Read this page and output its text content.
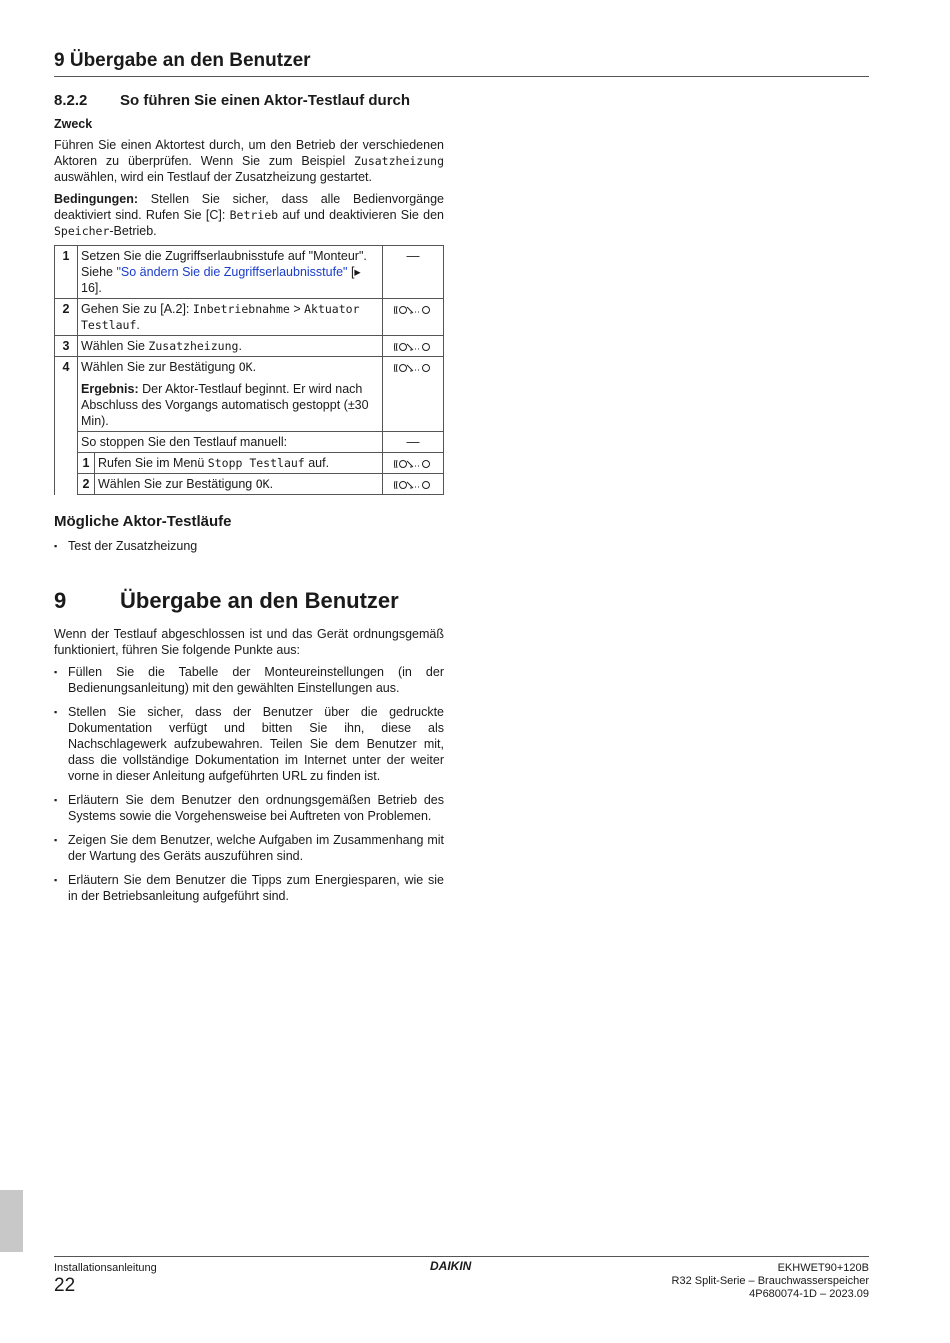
9 Übergabe an den Benutzer
8.2.2	So führen Sie einen Aktor-Testlauf durch
Zweck

Führen Sie einen Aktortest durch, um den Betrieb der verschiedenen Aktoren zu überprüfen. Wenn Sie zum Beispiel Zusatzheizung auswählen, wird ein Testlauf der Zusatzheizung gestartet.

Bedingungen: Stellen Sie sicher, dass alle Bedienvorgänge deaktiviert sind. Rufen Sie [C]: Betrieb auf und deaktivieren Sie den Speicher-Betrieb.

1	Setzen Sie die Zugriffserlaubnisstufe auf "Monteur". Siehe "So ändern Sie die Zugriffserlaubnisstufe" [▸ 16].		—
2	Gehen Sie zu [A.2]: Inbetriebnahme > Aktuator Testlauf.	
3	Wählen Sie Zusatzheizung.	
4	Wählen Sie zur Bestätigung OK.
Ergebnis: Der Aktor-Testlauf beginnt. Er wird nach Abschluss des Vorgangs automatisch gestoppt (±30 Min).

	So stoppen Sie den Testlauf manuell:		—
	1	Rufen Sie im Menü Stopp Testlauf auf.	
	2	Wählen Sie zur Bestätigung OK.	
Mögliche Aktor-Testläufe
▪ Test der Zusatzheizung
9	Übergabe an den Benutzer

Wenn der Testlauf abgeschlossen ist und das Gerät ordnungsgemäß funktioniert, führen Sie folgende Punkte aus:

▪ Füllen Sie die Tabelle der Monteureinstellungen (in der Bedienungsanleitung) mit den gewählten Einstellungen aus.
▪ Stellen Sie sicher, dass der Benutzer über die gedruckte Dokumentation verfügt und bitten Sie ihn, diese als Nachschlagewerk aufzubewahren. Teilen Sie dem Benutzer mit, dass die vollständige Dokumentation im Internet unter der weiter vorne in dieser Anleitung aufgeführten URL zu finden ist.
▪ Erläutern Sie dem Benutzer den ordnungsgemäßen Betrieb des Systems sowie die Vorgehensweise bei Auftreten von Problemen.
▪ Zeigen Sie dem Benutzer, welche Aufgaben im Zusammenhang mit der Wartung des Geräts auszuführen sind.
▪ Erläutern Sie dem Benutzer die Tipps zum Energiesparen, wie sie in der Betriebsanleitung aufgeführt sind.
Installationsanleitung
22
DAIKIN	EKHWET90+120B
R32 Split-Serie – Brauchwasserspeicher
4P680074-1D – 2023.09
